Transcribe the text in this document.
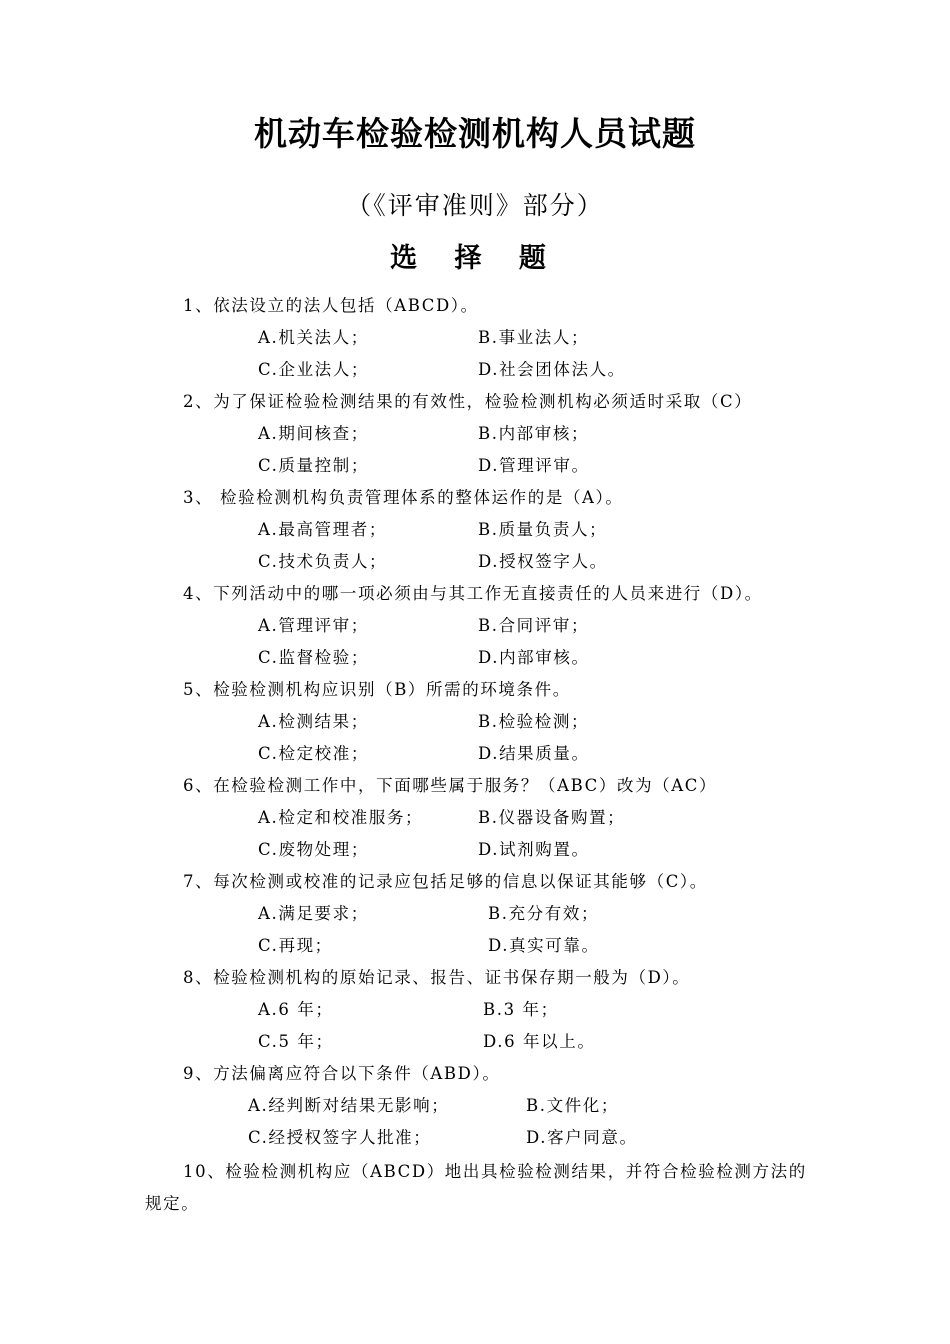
机动车检验检测机构人员试题
（《评审准则》部分）
选 择 题
1、依法设立的法人包括（ABCD）。
A.机关法人；	B.事业法人；
C.企业法人；	D.社会团体法人。
2、为了保证检验检测结果的有效性，检验检测机构必须适时采取（C）
A.期间核查；	B.内部审核；
C.质量控制；	D.管理评审。
3、 检验检测机构负责管理体系的整体运作的是（A）。
A.最高管理者；	B.质量负责人；
C.技术负责人；	D.授权签字人。
4、下列活动中的哪一项必须由与其工作无直接责任的人员来进行（D）。
A.管理评审；	B.合同评审；
C.监督检验；	D.内部审核。
5、检验检测机构应识别（B）所需的环境条件。
A.检测结果；	B.检验检测；
C.检定校准；	D.结果质量。
6、在检验检测工作中，下面哪些属于服务？（ABC）改为（AC）
A.检定和校准服务；	B.仪器设备购置；
C.废物处理；	D.试剂购置。
7、每次检测或校准的记录应包括足够的信息以保证其能够（C）。
A.满足要求；	B.充分有效；
C.再现；	D.真实可靠。
8、检验检测机构的原始记录、报告、证书保存期一般为（D）。
A.6 年；	B.3 年；
C.5 年；	D.6 年以上。
9、方法偏离应符合以下条件（ABD）。
A.经判断对结果无影响；	B.文件化；
C.经授权签字人批准；	D.客户同意。
10、检验检测机构应（ABCD）地出具检验检测结果，并符合检验检测方法的规定。
